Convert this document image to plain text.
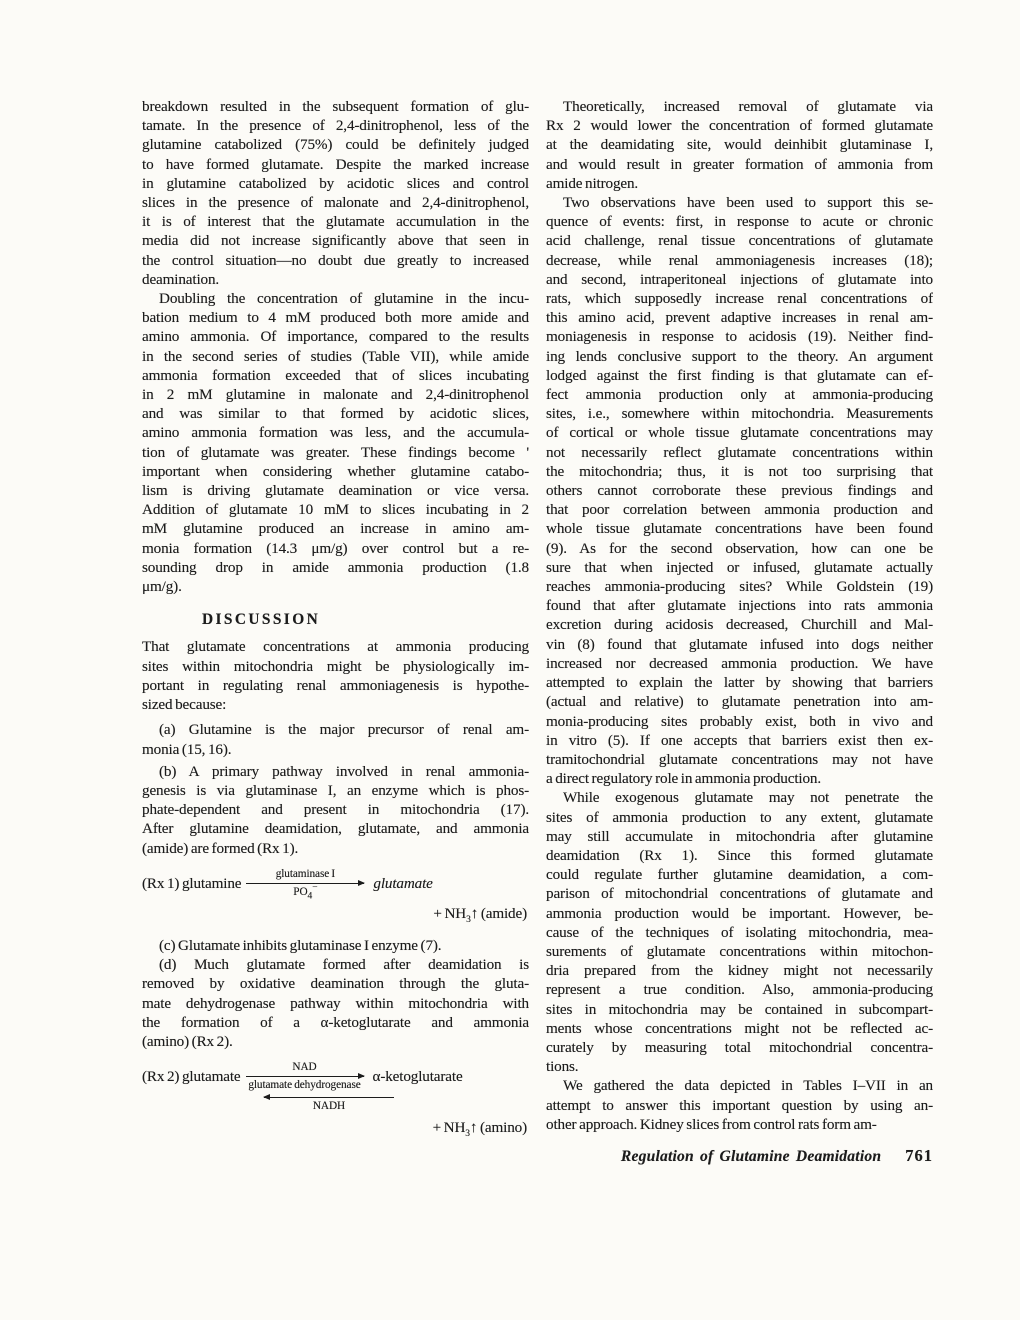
breakdown resulted in the subsequent formation of glu-
tamate. In the presence of 2,4-dinitrophenol, less of the
glutamine catabolized (75%) could be definitely judged
to have formed glutamate. Despite the marked increase
in glutamine catabolized by acidotic slices and control
slices in the presence of malonate and 2,4-dinitrophenol,
it is of interest that the glutamate accumulation in the
media did not increase significantly above that seen in
the control situation—no doubt due greatly to increased
deamination.
Doubling the concentration of glutamine in the incu-
bation medium to 4 mM produced both more amide and
amino ammonia. Of importance, compared to the results
in the second series of studies (Table VII), while amide
ammonia formation exceeded that of slices incubating
in 2 mM glutamine in malonate and 2,4-dinitrophenol
and was similar to that formed by acidotic slices,
amino ammonia formation was less, and the accumula-
tion of glutamate was greater. These findings become '
important when considering whether glutamine catabo-
lism is driving glutamate deamination or vice versa.
Addition of glutamate 10 mM to slices incubating in 2
mM glutamine produced an increase in amino am-
monia formation (14.3 μm/g) over control but a re-
sounding drop in amide ammonia production (1.8
μm/g).
DISCUSSION
That glutamate concentrations at ammonia producing
sites within mitochondria might be physiologically im-
portant in regulating renal ammoniagenesis is hypothe-
sized because:
(a) Glutamine is the major precursor of renal am-
monia (15, 16).
(b) A primary pathway involved in renal ammonia-
genesis is via glutaminase I, an enzyme which is phos-
phate-dependent and present in mitochondria (17).
After glutamine deamidation, glutamate, and ammonia
(amide) are formed (Rx 1).
(Rx 1) glutamine
glutaminase I
$PO_4^-$	glutamate
+ $NH_3↑$ (amide)
(c) Glutamate inhibits glutaminase I enzyme (7).
(d) Much glutamate formed after deamidation is
removed by oxidative deamination through the gluta-
mate dehydrogenase pathway within mitochondria with
the formation of a α-ketoglutarate and ammonia
(amino) (Rx 2).
(Rx 2) glutamate
NAD
glutamate dehydrogenase
α-ketoglutarate
NADH
+ $NH_3↑$ (amino)
Theoretically, increased removal of glutamate via
Rx 2 would lower the concentration of formed glutamate
at the deamidating site, would deinhibit glutaminase I,
and would result in greater formation of ammonia from
amide nitrogen.
Two observations have been used to support this se-
quence of events: first, in response to acute or chronic
acid challenge, renal tissue concentrations of glutamate
decrease, while renal ammoniagenesis increases (18);
and second, intraperitoneal injections of glutamate into
rats, which supposedly increase renal concentrations of
this amino acid, prevent adaptive increases in renal am-
moniagenesis in response to acidosis (19). Neither find-
ing lends conclusive support to the theory. An argument
lodged against the first finding is that glutamate can ef-
fect ammonia production only at ammonia-producing
sites, i.e., somewhere within mitochondria. Measurements
of cortical or whole tissue glutamate concentrations may
not necessarily reflect glutamate concentrations within
the mitochondria; thus, it is not too surprising that
others cannot corroborate these previous findings and
that poor correlation between ammonia production and
whole tissue glutamate concentrations have been found
(9). As for the second observation, how can one be
sure that when injected or infused, glutamate actually
reaches ammonia-producing sites? While Goldstein (19)
found that after glutamate injections into rats ammonia
excretion during acidosis decreased, Churchill and Mal-
vin (8) found that glutamate infused into dogs neither
increased nor decreased ammonia production. We have
attempted to explain the latter by showing that barriers
(actual and relative) to glutamate penetration into am-
monia-producing sites probably exist, both in vivo and
in vitro (5). If one accepts that barriers exist then ex-
tramitochondrial glutamate concentrations may not have
a direct regulatory role in ammonia production.
While exogenous glutamate may not penetrate the
sites of ammonia production to any extent, glutamate
may still accumulate in mitochondria after glutamine
deamidation (Rx 1). Since this formed glutamate
could regulate further glutamine deamidation, a com-
parison of mitochondrial concentrations of glutamate and
ammonia production would be important. However, be-
cause of the techniques of isolating mitochondria, mea-
surements of glutamate concentrations within mitochon-
dria prepared from the kidney might not necessarily
represent a true condition. Also, ammonia-producing
sites in mitochondria may be contained in subcompart-
ments whose concentrations might not be reflected ac-
curately by measuring total mitochondrial concentra-
tions.
We gathered the data depicted in Tables I–VII in an
attempt to answer this important question by using an-
other approach. Kidney slices from control rats form am-
Regulation of Glutamine Deamidation 761
